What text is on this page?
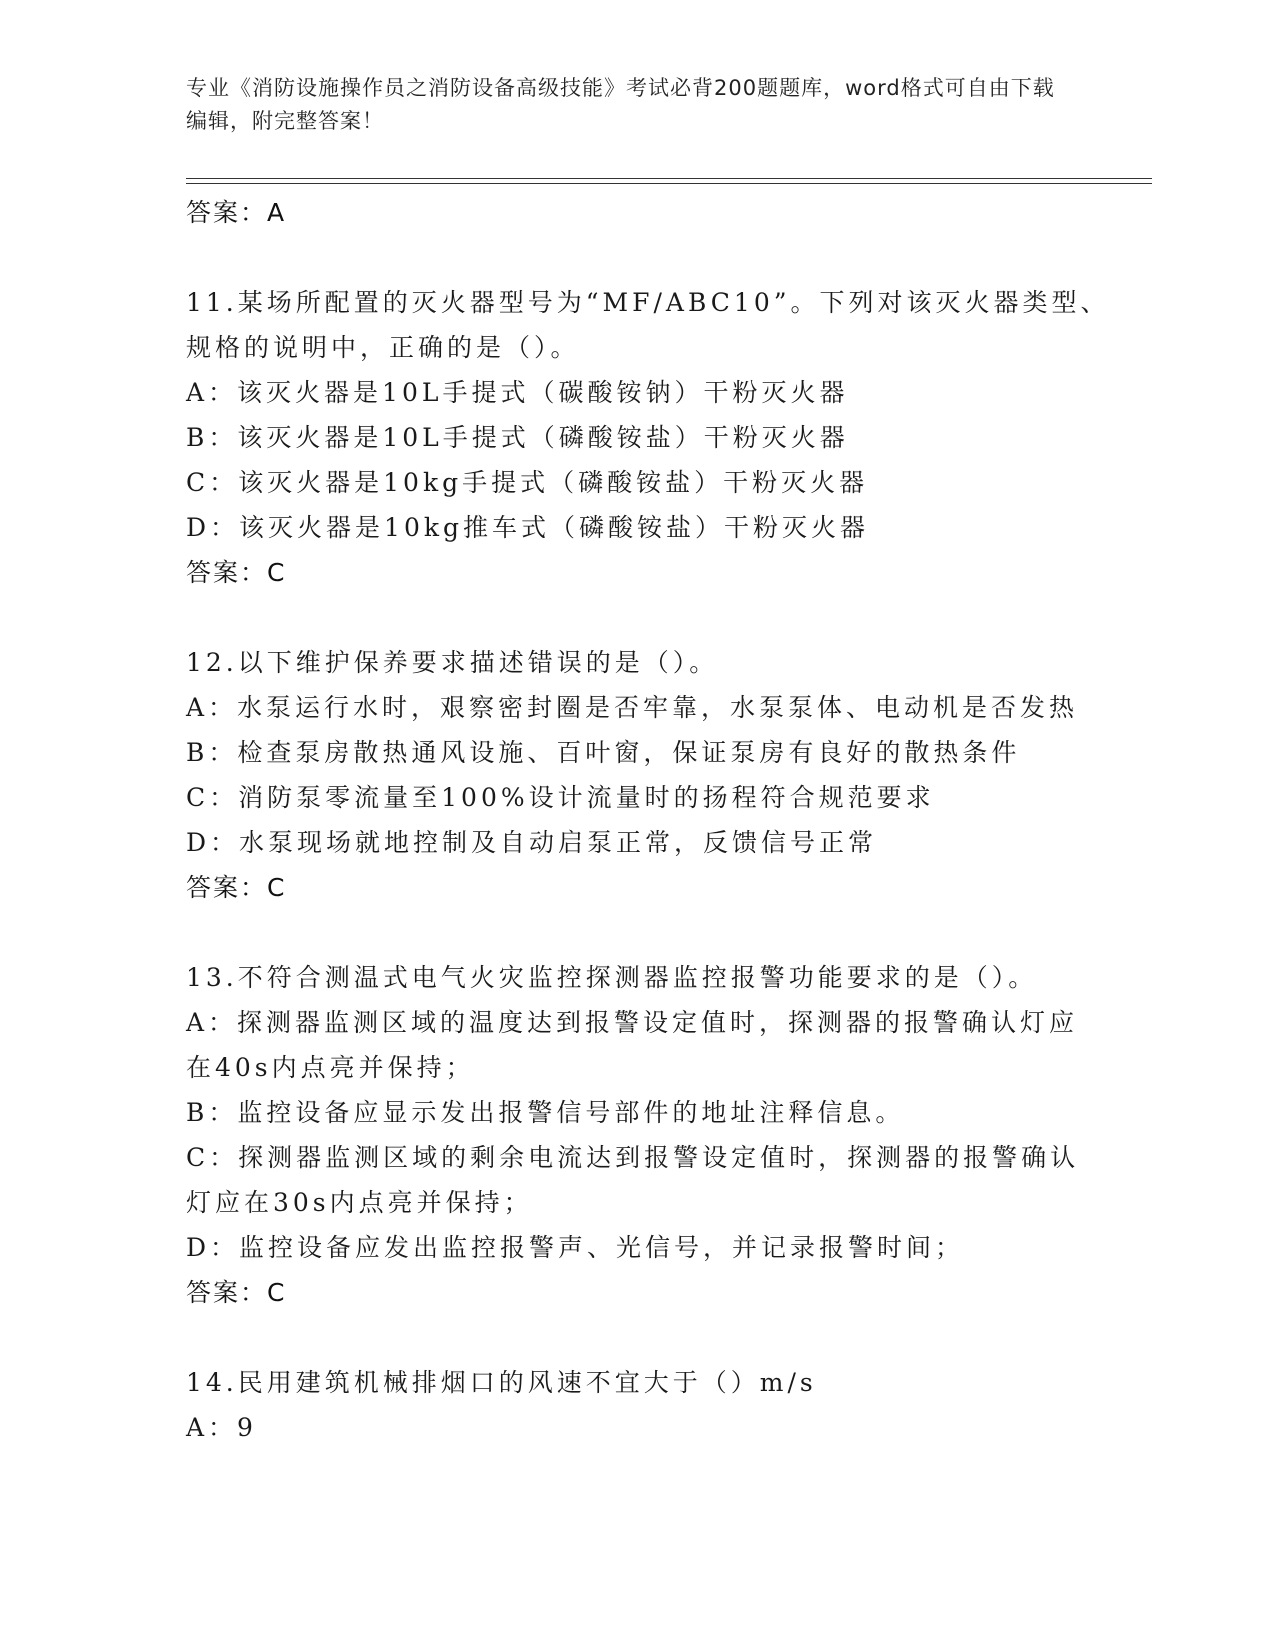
专业《消防设施操作员之消防设备高级技能》考试必背200题题库，word格式可自由下载编辑，附完整答案！
答案：A
11.某场所配置的灭火器型号为“MF/ABC10”。下列对该灭火器类型、
规格的说明中，正确的是（）。
A：该灭火器是10L手提式（碳酸铵钠）干粉灭火器
B：该灭火器是10L手提式（磷酸铵盐）干粉灭火器
C：该灭火器是10kg手提式（磷酸铵盐）干粉灭火器
D：该灭火器是10kg推车式（磷酸铵盐）干粉灭火器
答案：C
12.以下维护保养要求描述错误的是（）。
A：水泵运行水时，艰察密封圈是否牢靠，水泵泵体、电动机是否发热
B：检查泵房散热通风设施、百叶窗，保证泵房有良好的散热条件
C：消防泵零流量至100%设计流量时的扬程符合规范要求
D：水泵现场就地控制及自动启泵正常，反馈信号正常
答案：C
13.不符合测温式电气火灾监控探测器监控报警功能要求的是（）。
A：探测器监测区域的温度达到报警设定值时，探测器的报警确认灯应
在40s内点亮并保持；
B：监控设备应显示发出报警信号部件的地址注释信息。
C：探测器监测区域的剩余电流达到报警设定值时，探测器的报警确认
灯应在30s内点亮并保持；
D：监控设备应发出监控报警声、光信号，并记录报警时间；
答案：C
14.民用建筑机械排烟口的风速不宜大于（）m/s
A：9
